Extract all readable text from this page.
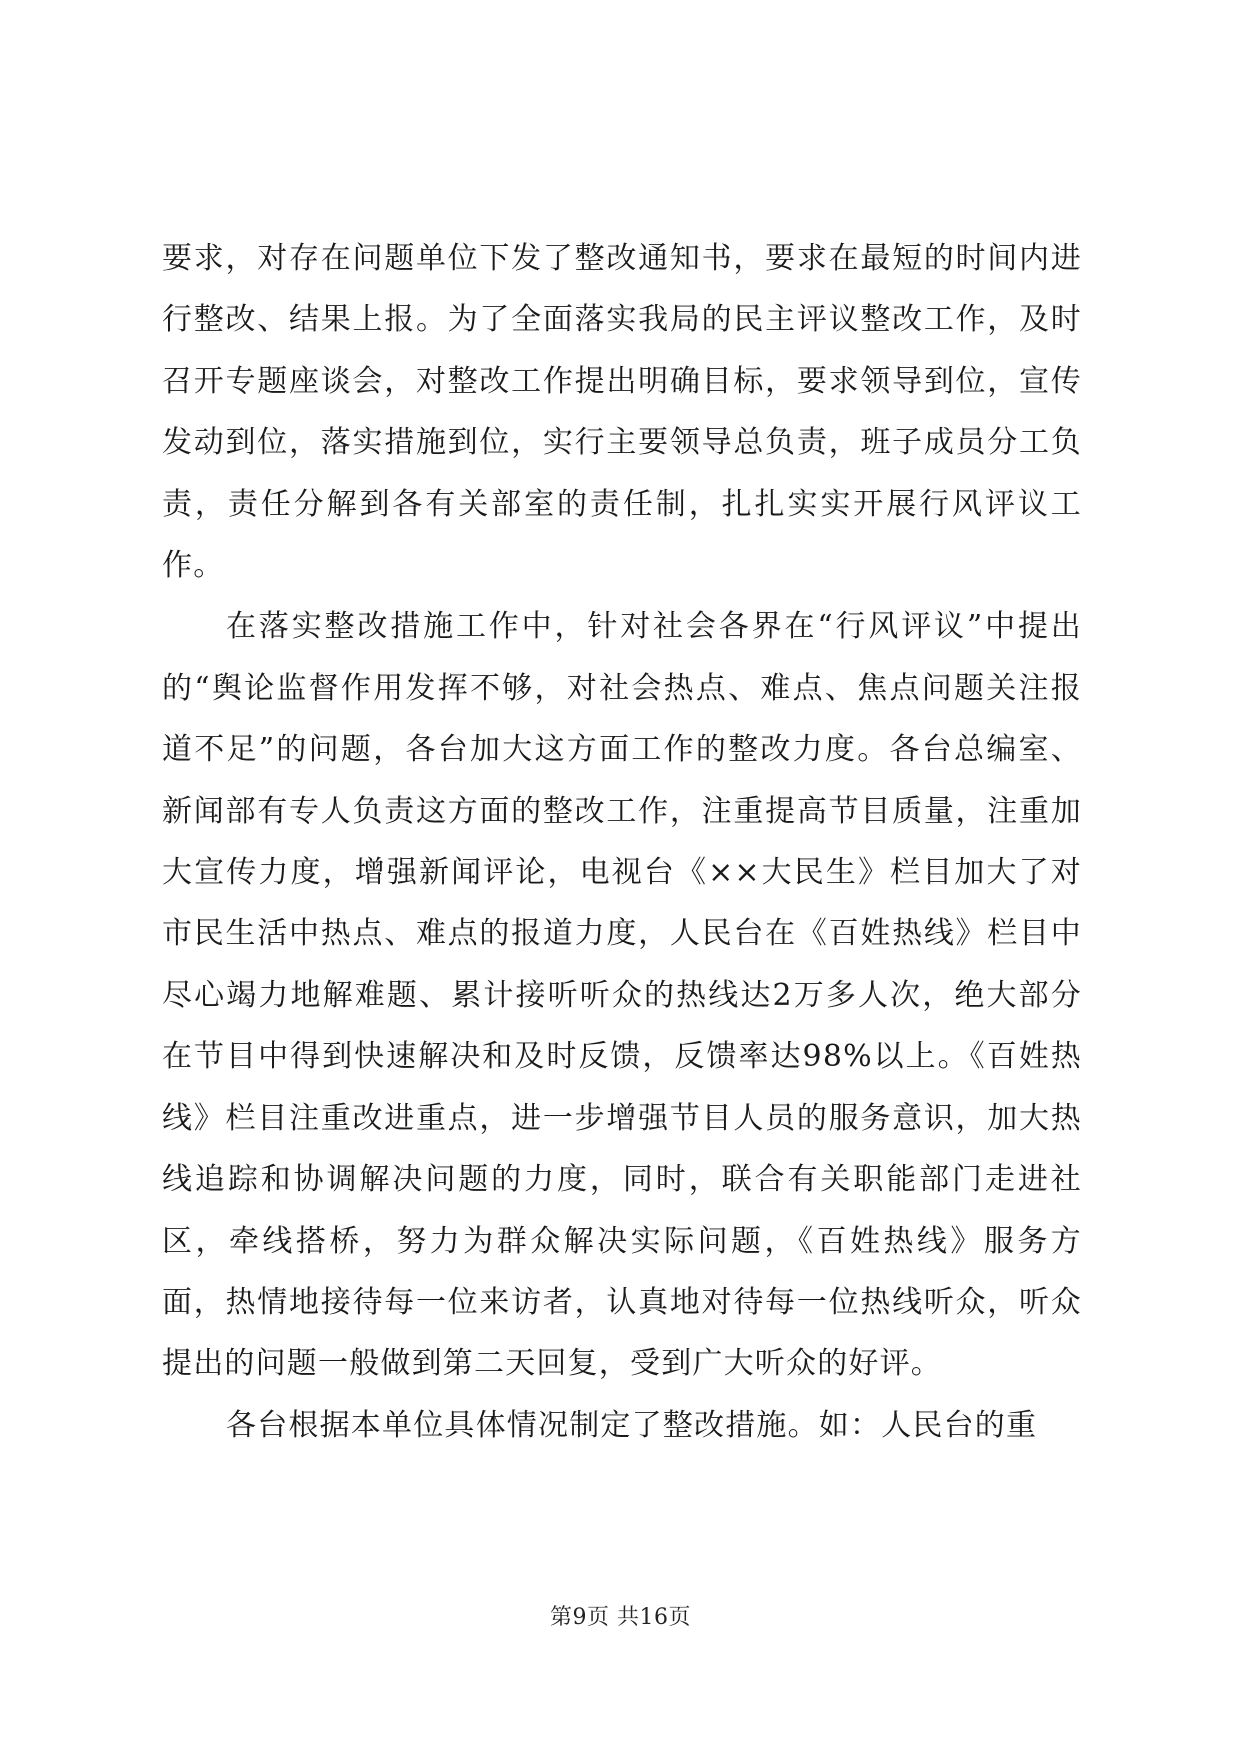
要求，对存在问题单位下发了整改通知书，要求在最短的时间内进行整改、结果上报。为了全面落实我局的民主评议整改工作，及时召开专题座谈会，对整改工作提出明确目标，要求领导到位，宣传发动到位，落实措施到位，实行主要领导总负责，班子成员分工负责，责任分解到各有关部室的责任制，扎扎实实开展行风评议工作。

在落实整改措施工作中，针对社会各界在“行风评议”中提出的“舆论监督作用发挥不够，对社会热点、难点、焦点问题关注报道不足”的问题，各台加大这方面工作的整改力度。各台总编室、新闻部有专人负责这方面的整改工作，注重提高节目质量，注重加大宣传力度，增强新闻评论，电视台《××大民生》栏目加大了对市民生活中热点、难点的报道力度，人民台在《百姓热线》栏目中尽心竭力地解难题、累计接听听众的热线达2万多人次，绝大部分在节目中得到快速解决和及时反馈，反馈率达98%以上。《百姓热线》栏目注重改进重点，进一步增强节目人员的服务意识，加大热线追踪和协调解决问题的力度，同时，联合有关职能部门走进社区，牵线搭桥，努力为群众解决实际问题，《百姓热线》服务方面，热情地接待每一位来访者，认真地对待每一位热线听众，听众提出的问题一般做到第二天回复，受到广大听众的好评。

各台根据本单位具体情况制定了整改措施。如：人民台的重

第9页 共16页
